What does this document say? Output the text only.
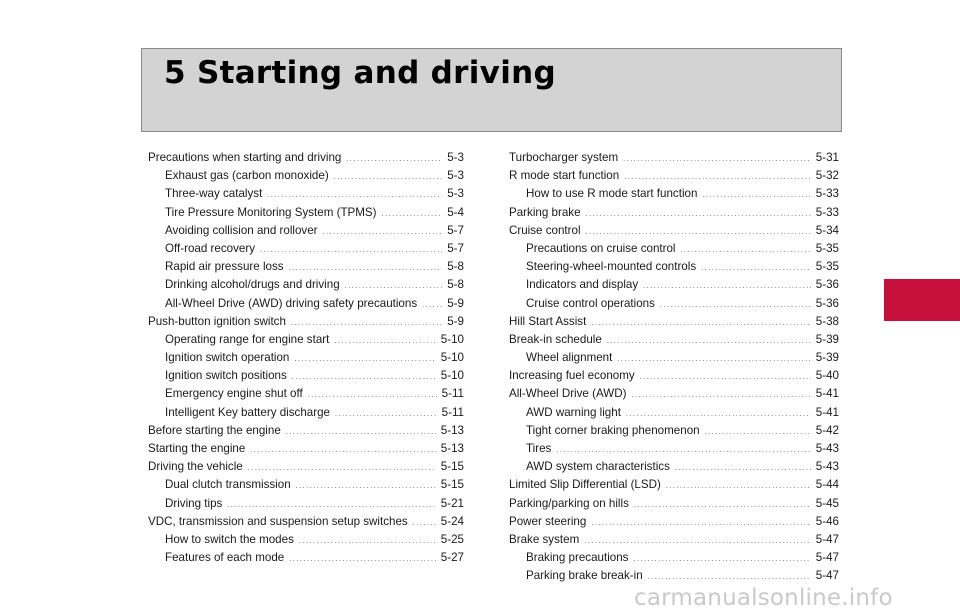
5 Starting and driving
Precautions when starting and driving .....	5-3
Exhaust gas (carbon monoxide) .....	5-3
Three-way catalyst .....	5-3
Tire Pressure Monitoring System (TPMS) .....	5-4
Avoiding collision and rollover .....	5-7
Off-road recovery .....	5-7
Rapid air pressure loss .....	5-8
Drinking alcohol/drugs and driving .....	5-8
All-Wheel Drive (AWD) driving safety precautions .....	5-9
Push-button ignition switch .....	5-9
Operating range for engine start .....	5-10
Ignition switch operation .....	5-10
Ignition switch positions .....	5-10
Emergency engine shut off .....	5-11
Intelligent Key battery discharge .....	5-11
Before starting the engine .....	5-13
Starting the engine .....	5-13
Driving the vehicle .....	5-15
Dual clutch transmission .....	5-15
Driving tips .....	5-21
VDC, transmission and suspension setup switches .....	5-24
How to switch the modes .....	5-25
Features of each mode .....	5-27
Turbocharger system .....	5-31
R mode start function .....	5-32
How to use R mode start function .....	5-33
Parking brake .....	5-33
Cruise control .....	5-34
Precautions on cruise control .....	5-35
Steering-wheel-mounted controls .....	5-35
Indicators and display .....	5-36
Cruise control operations .....	5-36
Hill Start Assist .....	5-38
Break-in schedule .....	5-39
Wheel alignment .....	5-39
Increasing fuel economy .....	5-40
All-Wheel Drive (AWD) .....	5-41
AWD warning light .....	5-41
Tight corner braking phenomenon .....	5-42
Tires .....	5-43
AWD system characteristics .....	5-43
Limited Slip Differential (LSD) .....	5-44
Parking/parking on hills .....	5-45
Power steering .....	5-46
Brake system .....	5-47
Braking precautions .....	5-47
Parking brake break-in .....	5-47
carmanualsonline.info
